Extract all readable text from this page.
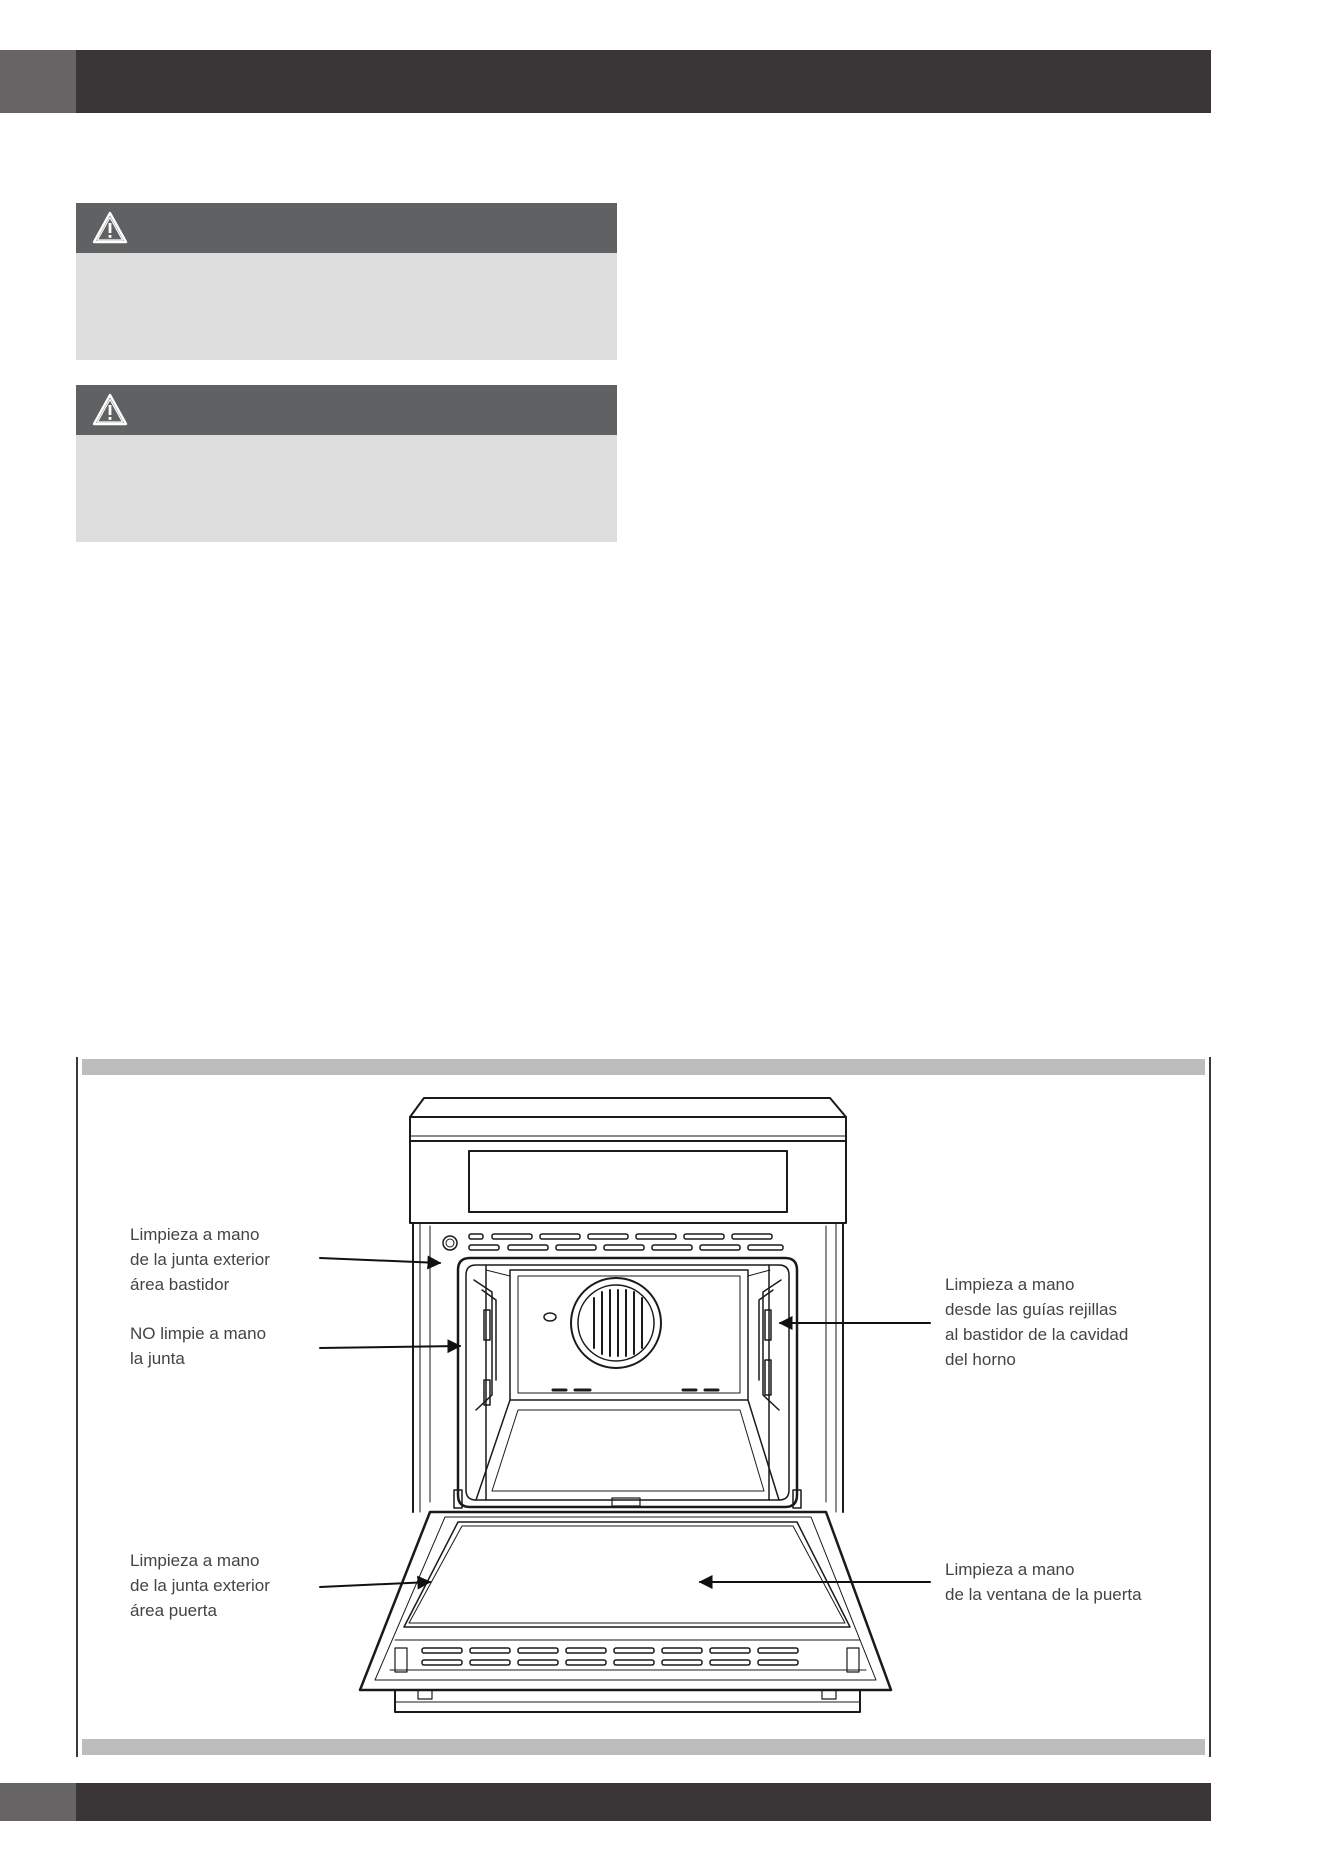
Limpieza a mano
de la junta exterior
área bastidor
NO limpie a mano
la junta
Limpieza a mano
de la junta exterior
área puerta
Limpieza a mano
desde las guías rejillas
al bastidor de la cavidad
del horno
Limpieza a mano
de la ventana de la puerta
